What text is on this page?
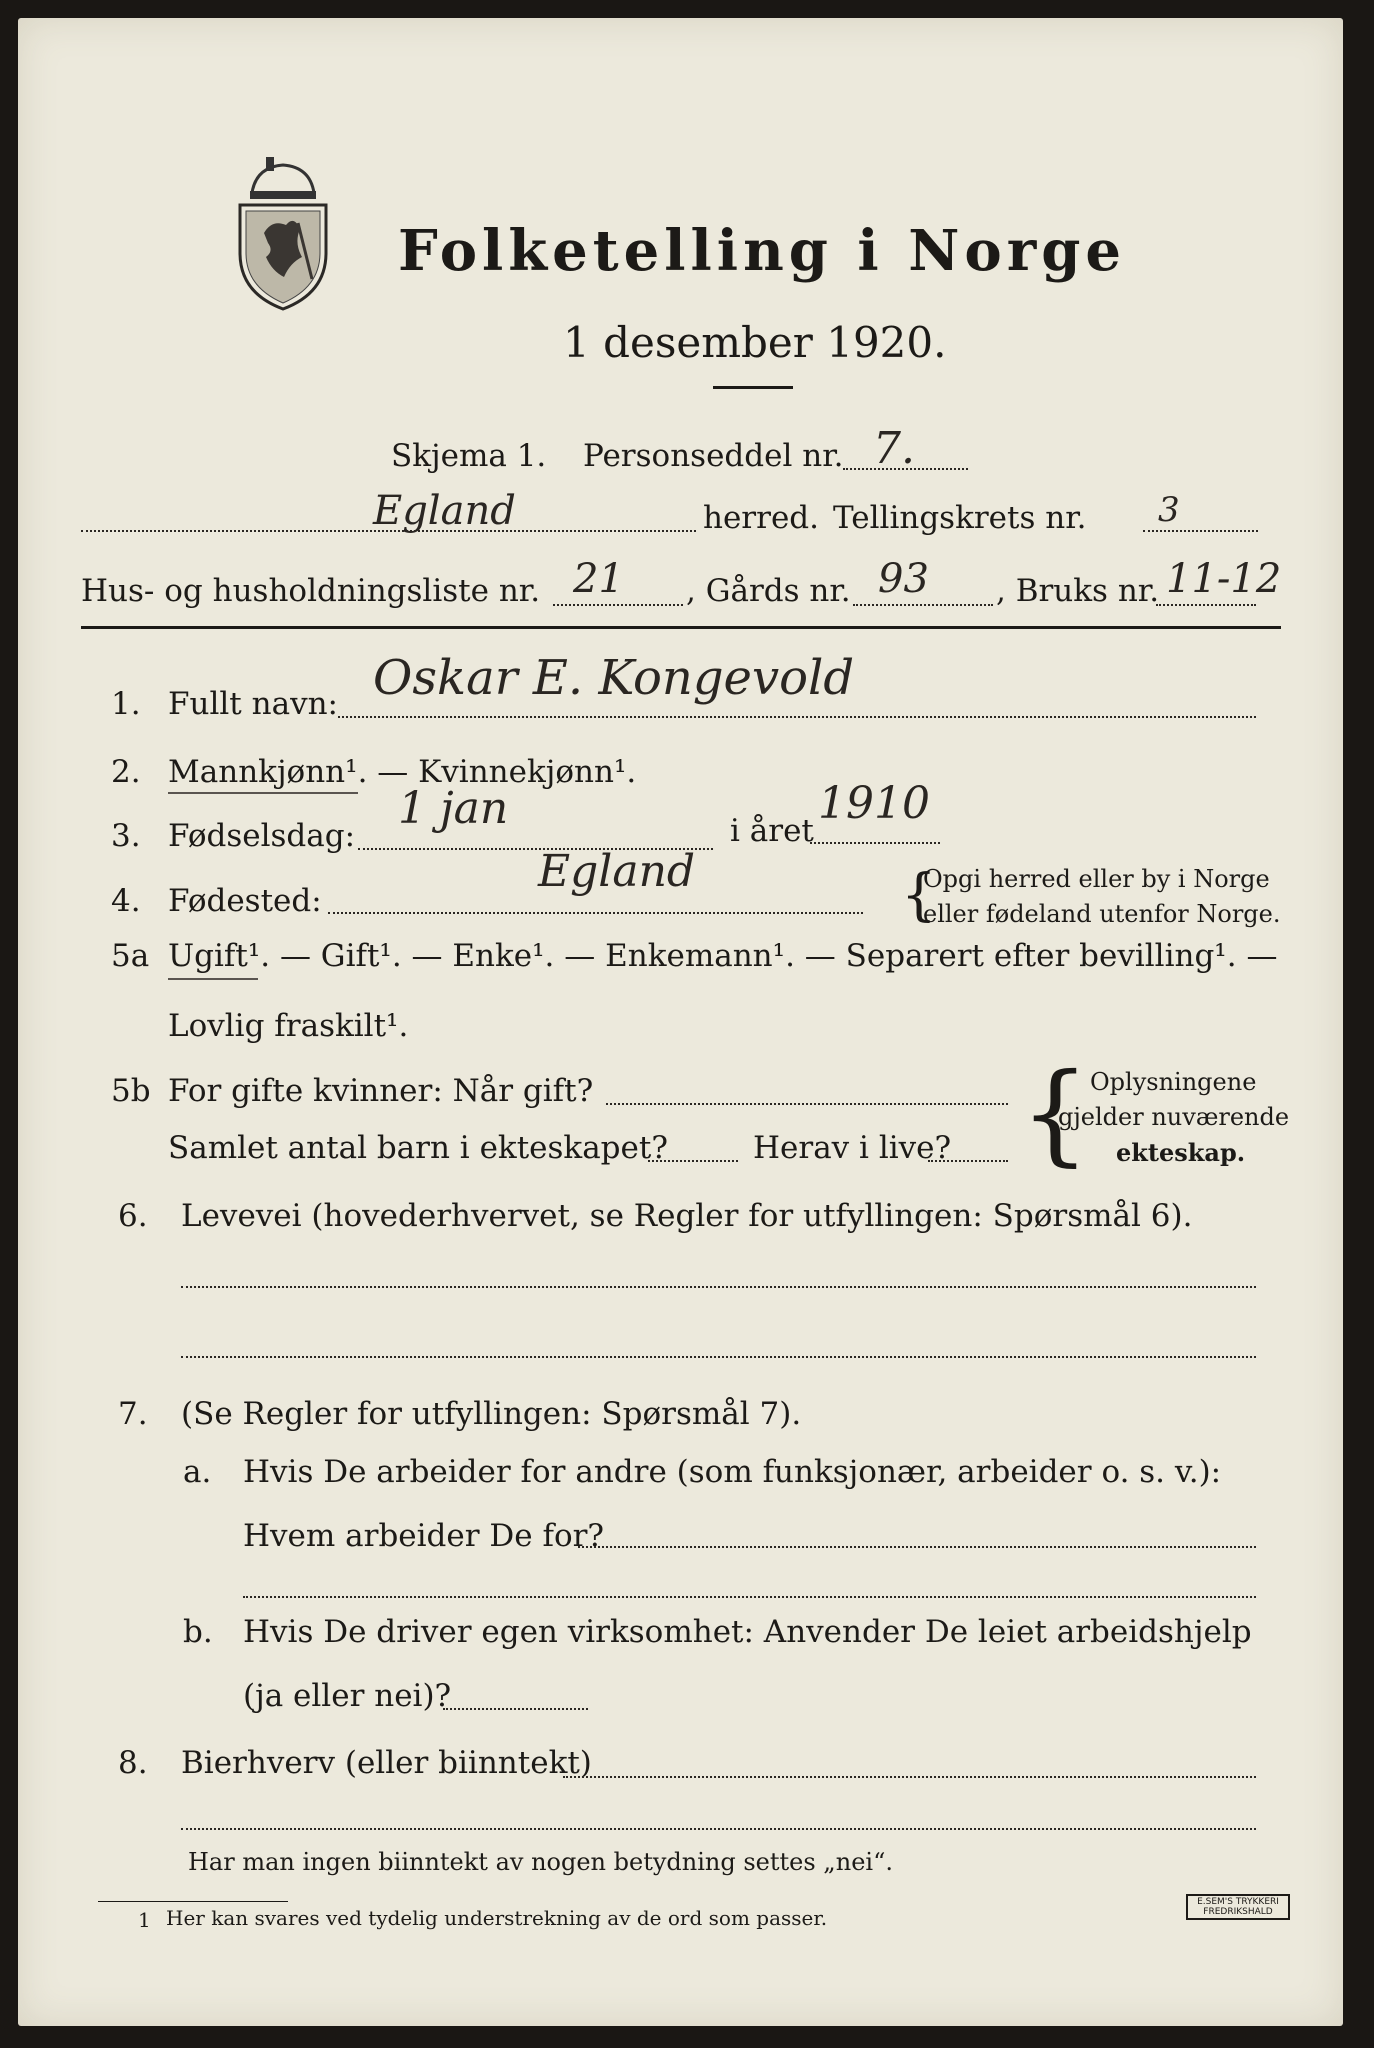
Folketelling i Norge
1 desember 1920.
Skjema 1. Personseddel nr. 7.
Egland	herred. Tellingskrets nr. 3
Hus- og husholdningsliste nr. 21 , Gårds nr. 93 , Bruks nr. 11-12
1. Fullt navn: Oskar E. Kongevold
2. Mannkjønn¹. — Kvinnekjønn¹.
3. Fødselsdag:
1 jan	i året
1910
4. Fødested:
Egland	{
Opgi herred eller by i Norge
eller fødeland utenfor Norge.
5a Ugift¹. — Gift¹. — Enke¹. — Enkemann¹. — Separert efter bevilling¹. —
Lovlig fraskilt¹.
5b For gifte kvinner: Når gift?
Samlet antal barn i ekteskapet?	Herav i live? { Oplysningene
gjelder nuværende
ekteskap.
6. Levevei (hovederhvervet, se Regler for utfyllingen: Spørsmål 6).
7. (Se Regler for utfyllingen: Spørsmål 7).
a. Hvis De arbeider for andre (som funksjonær, arbeider o. s. v.):
Hvem arbeider De for?
b. Hvis De driver egen virksomhet: Anvender De leiet arbeidshjelp
(ja eller nei)?
8. Bierhverv (eller biinntekt)
Har man ingen biinntekt av nogen betydning settes „nei“.
1 Her kan svares ved tydelig understrekning av de ord som passer.
E.SEM'S TRYKKERI
FREDRIKSHALD
